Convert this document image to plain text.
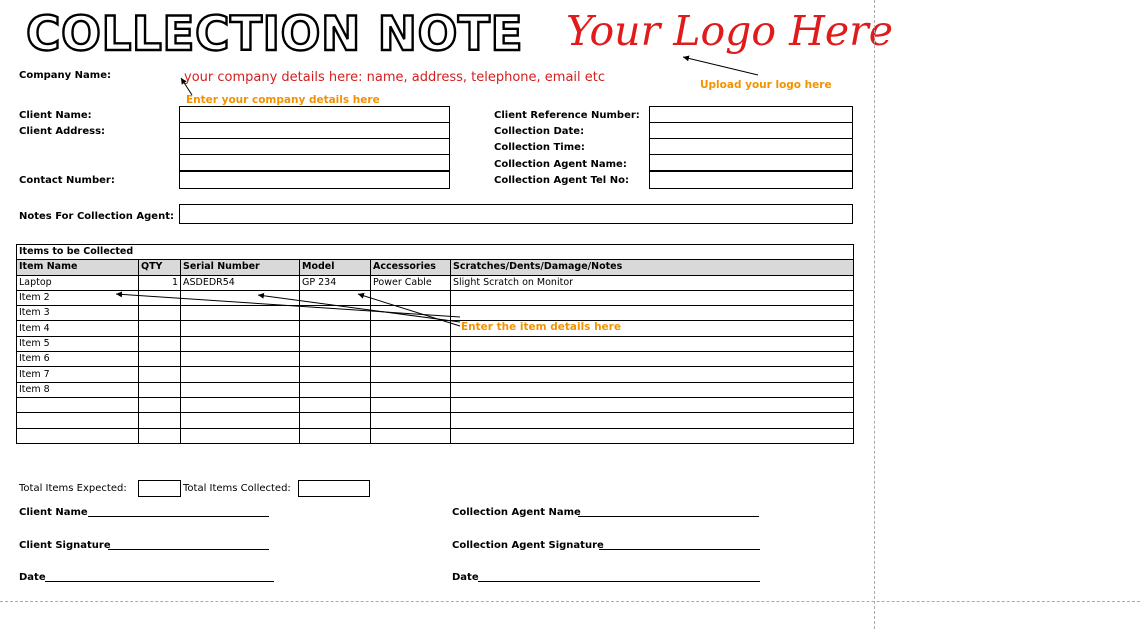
COLLECTION NOTE Your Logo Here
Upload your logo here
Company Name:	your company details here: name, address, telephone, email etc
Enter your company details here
Client Name:
Client Address:
Contact Number:
Client Reference Number:
Collection Date:
Collection Time:
Collection Agent Name:
Collection Agent Tel No:
Notes For Collection Agent:
Items to be Collected					
Item Name	QTY	Serial Number	Model	Accessories	Scratches/Dents/Damage/Notes
Laptop	1	ASDEDR54	GP 234	Power Cable	Slight Scratch on Monitor
Item 2					
Item 3					
Item 4					
Item 5					
Item 6					
Item 7					
Item 8					

Enter the item details here
Total Items Expected:	Total Items Collected:
Client Name
Client Signature
Date
Collection Agent Name
Collection Agent Signature
Date
